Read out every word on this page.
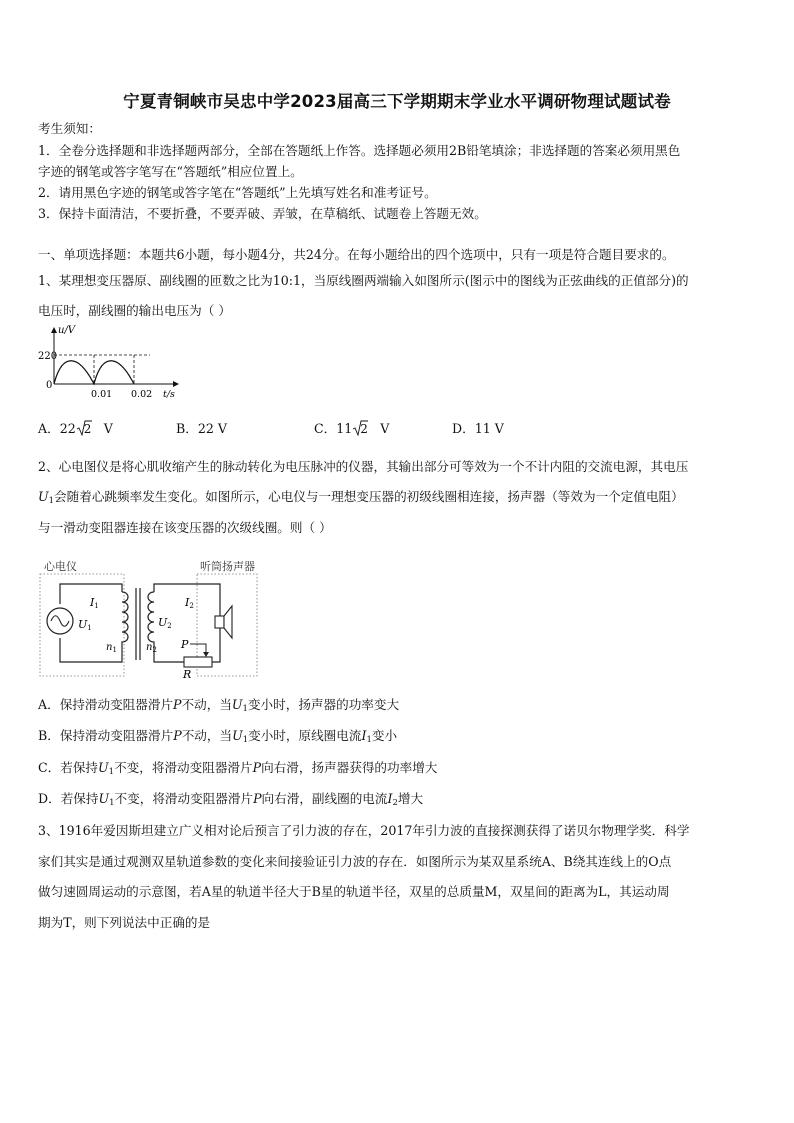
宁夏青铜峡市吴忠中学2023届高三下学期期末学业水平调研物理试题试卷
考生须知：
1．全卷分选择题和非选择题两部分，全部在答题纸上作答。选择题必须用2B铅笔填涂；非选择题的答案必须用黑色
字迹的钢笔或答字笔写在“答题纸”相应位置上。
2．请用黑色字迹的钢笔或答字笔在“答题纸”上先填写姓名和准考证号。
3．保持卡面清洁，不要折叠，不要弄破、弄皱，在草稿纸、试题卷上答题无效。
一、单项选择题：本题共6小题，每小题4分，共24分。在每小题给出的四个选项中，只有一项是符合题目要求的。
1、某理想变压器原、副线圈的匝数之比为10:1，当原线圈两端输入如图所示(图示中的图线为正弦曲线的正值部分)的
电压时，副线圈的输出电压为（ ）
u/V
220
0
0.01 0.02 t/s
A．22 2 V	B．22 V	C．11 2 V	D．11 V
2、心电图仪是将心肌收缩产生的脉动转化为电压脉冲的仪器，其输出部分可等效为一个不计内阻的交流电源，其电压
$U_1$会随着心跳频率发生变化。如图所示，心电仪与一理想变压器的初级线圈相连接，扬声器（等效为一个定值电阻）
与一滑动变阻器连接在该变压器的次级线圈。则（ ）
心电仪	听筒扬声器
I1
U1
$n_1$
U2
I2
$n_2$ P
R
A．保持滑动变阻器滑片P不动，当$U_1$变小时，扬声器的功率变大
B．保持滑动变阻器滑片P不动，当$U_1$变小时，原线圈电流$I_1$变小
C．若保持$U_1$不变，将滑动变阻器滑片P向右滑，扬声器获得的功率增大
D．若保持$U_1$不变，将滑动变阻器滑片P向右滑，副线圈的电流$I_2$增大
3、1916年爱因斯坦建立广义相对论后预言了引力波的存在，2017年引力波的直接探测获得了诺贝尔物理学奖．科学
家们其实是通过观测双星轨道参数的变化来间接验证引力波的存在．如图所示为某双星系统A、B绕其连线上的O点
做匀速圆周运动的示意图，若A星的轨道半径大于B星的轨道半径，双星的总质量M，双星间的距离为L，其运动周
期为T，则下列说法中正确的是
